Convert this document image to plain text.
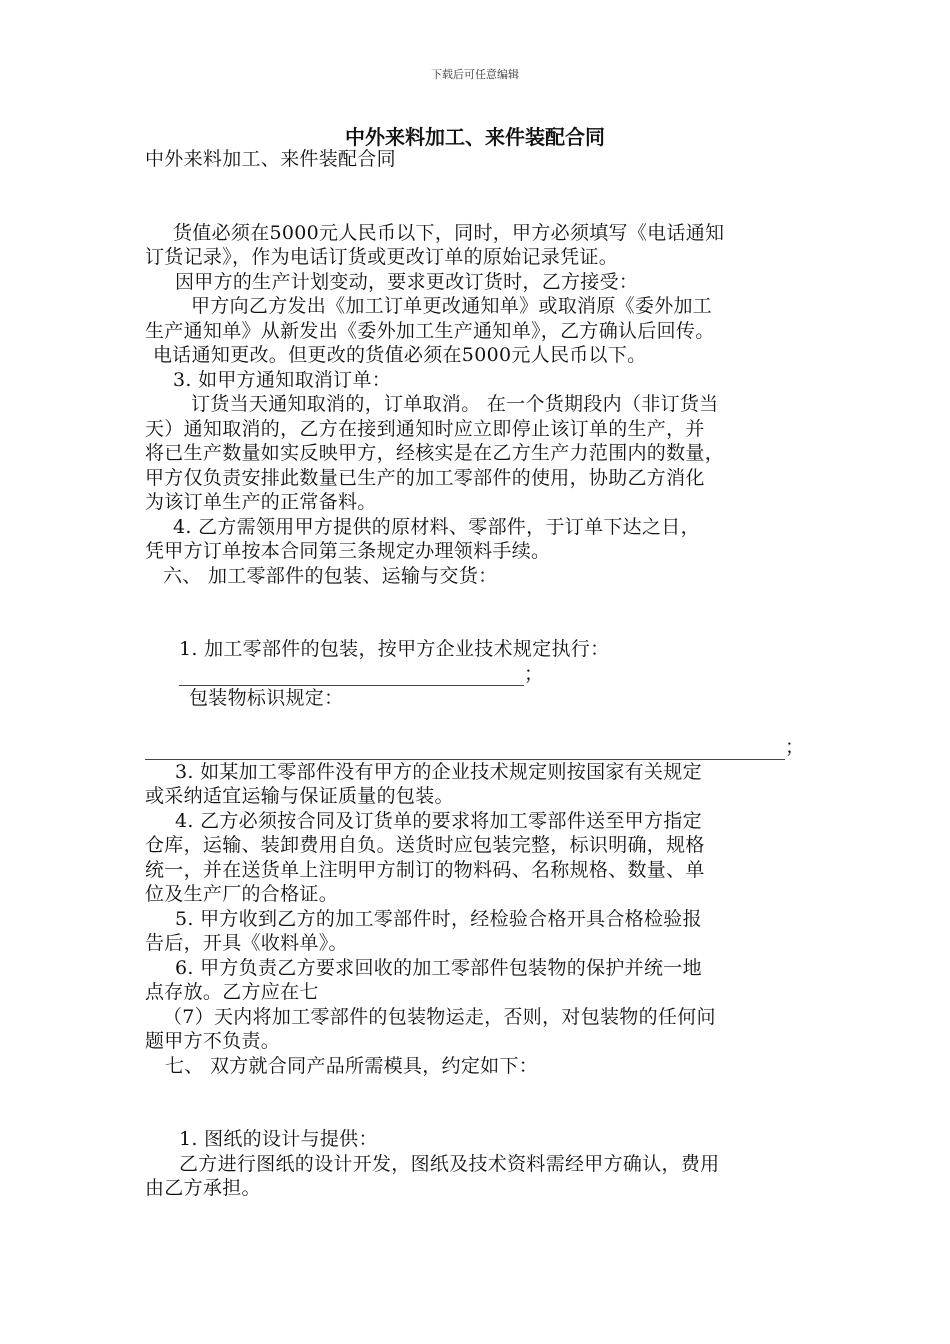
下载后可任意编辑
中外来料加工、来件装配合同
中外来料加工、来件装配合同
货值必须在5000元人民币以下，同时，甲方必须填写《电话通知
订货记录》，作为电话订货或更改订单的原始记录凭证。
因甲方的生产计划变动，要求更改订货时，乙方接受：
甲方向乙方发出《加工订单更改通知单》或取消原《委外加工
生产通知单》从新发出《委外加工生产通知单》，乙方确认后回传。
电话通知更改。但更改的货值必须在5000元人民币以下。
3. 如甲方通知取消订单：
订货当天通知取消的，订单取消。 在一个货期段内（非订货当
天）通知取消的，乙方在接到通知时应立即停止该订单的生产，并
将已生产数量如实反映甲方，经核实是在乙方生产力范围内的数量，
甲方仅负责安排此数量已生产的加工零部件的使用，协助乙方消化
为该订单生产的正常备料。
4. 乙方需领用甲方提供的原材料、零部件，于订单下达之日，
凭甲方订单按本合同第三条规定办理领料手续。
六、 加工零部件的包装、运输与交货：
1. 加工零部件的包装，按甲方企业技术规定执行：
；
包装物标识规定：
；
3. 如某加工零部件没有甲方的企业技术规定则按国家有关规定
或采纳适宜运输与保证质量的包装。
4. 乙方必须按合同及订货单的要求将加工零部件送至甲方指定
仓库，运输、装卸费用自负。送货时应包装完整，标识明确，规格
统一，并在送货单上注明甲方制订的物料码、名称规格、数量、单
位及生产厂的合格证。
5. 甲方收到乙方的加工零部件时，经检验合格开具合格检验报
告后，开具《收料单》。
6. 甲方负责乙方要求回收的加工零部件包装物的保护并统一地
点存放。乙方应在七
（7）天内将加工零部件的包装物运走，否则，对包装物的任何问
题甲方不负责。
七、 双方就合同产品所需模具，约定如下：
1. 图纸的设计与提供：
乙方进行图纸的设计开发，图纸及技术资料需经甲方确认，费用
由乙方承担。
